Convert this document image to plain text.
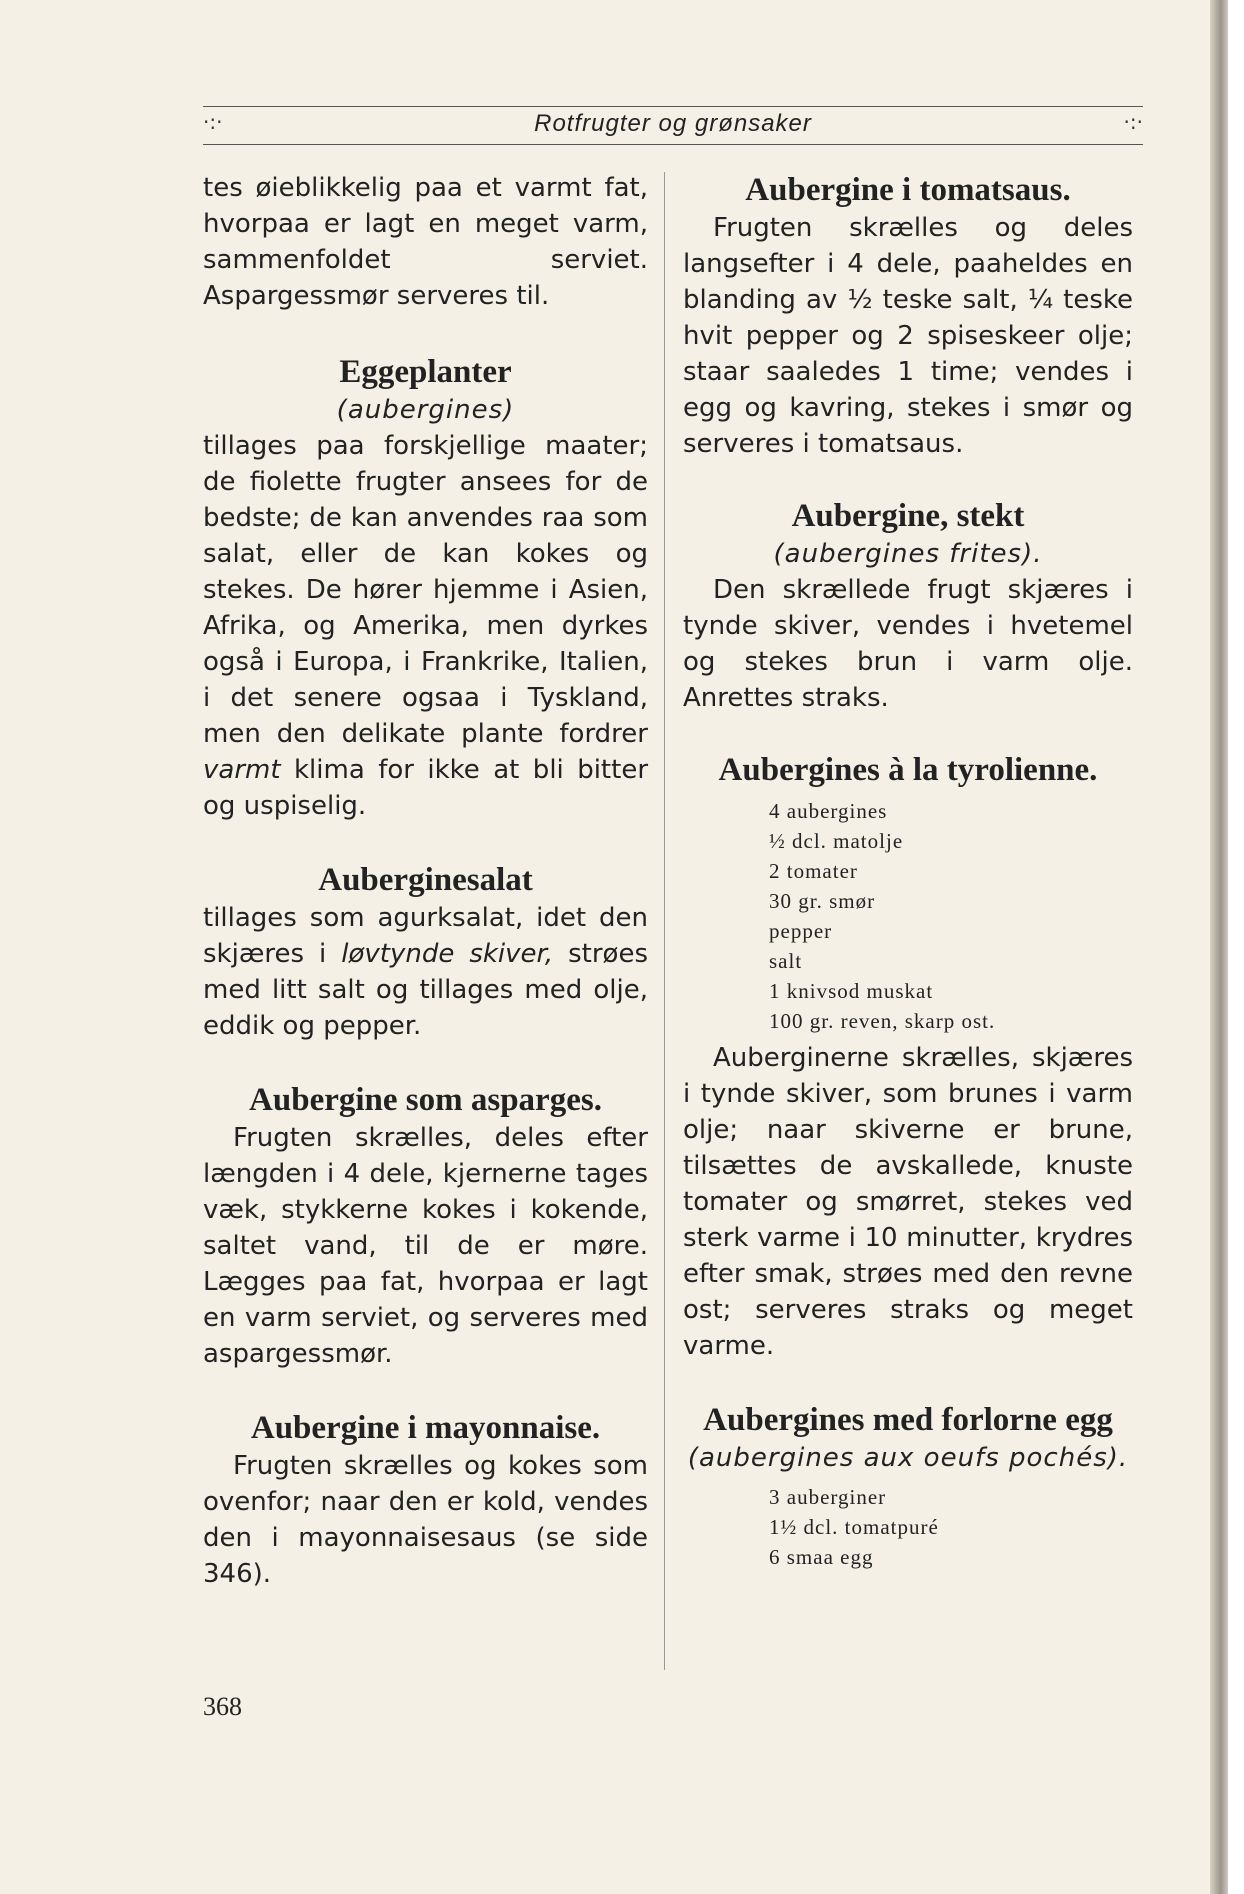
·:·	Rotfrugter og grønsaker	·:·

tes øieblikkelig paa et varmt fat, hvorpaa er lagt en meget varm, sammenfoldet serviet. Aspargessmør serveres til.

Eggeplanter
(aubergines)

tillages paa forskjellige maater; de fiolette frugter ansees for de bedste; de kan anvendes raa som salat, eller de kan kokes og stekes. De hører hjemme i Asien, Afrika, og Amerika, men dyrkes også i Europa, i Frankrike, Italien, i det senere ogsaa i Tyskland, men den delikate plante fordrer varmt klima for ikke at bli bitter og uspiselig.

Auberginesalat

tillages som agurksalat, idet den skjæres i løvtynde skiver, strøes med litt salt og tillages med olje, eddik og pepper.

Aubergine som asparges.

Frugten skrælles, deles efter længden i 4 dele, kjernerne tages væk, stykkerne kokes i kokende, saltet vand, til de er møre. Lægges paa fat, hvorpaa er lagt en varm serviet, og serveres med aspargessmør.

Aubergine i mayonnaise.

Frugten skrælles og kokes som ovenfor; naar den er kold, vendes den i mayonnaisesaus (se side 346).

Aubergine i tomatsaus.

Frugten skrælles og deles langsefter i 4 dele, paaheldes en blanding av ½ teske salt, ¼ teske hvit pepper og 2 spiseskeer olje; staar saaledes 1 time; vendes i egg og kavring, stekes i smør og serveres i tomatsaus.

Aubergine, stekt
(aubergines frites).

Den skrællede frugt skjæres i tynde skiver, vendes i hvetemel og stekes brun i varm olje. Anrettes straks.

Aubergines à la tyrolienne.
4 aubergines
½ dcl. matolje
2 tomater
30 gr. smør
pepper
salt
1 knivsod muskat
100 gr. reven, skarp ost.

Auberginerne skrælles, skjæres i tynde skiver, som brunes i varm olje; naar skiverne er brune, tilsættes de avskallede, knuste tomater og smørret, stekes ved sterk varme i 10 minutter, krydres efter smak, strøes med den revne ost; serveres straks og meget varme.

Aubergines med forlorne egg
(aubergines aux oeufs pochés).
3 auberginer
1½ dcl. tomatpuré
6 smaa egg
368
